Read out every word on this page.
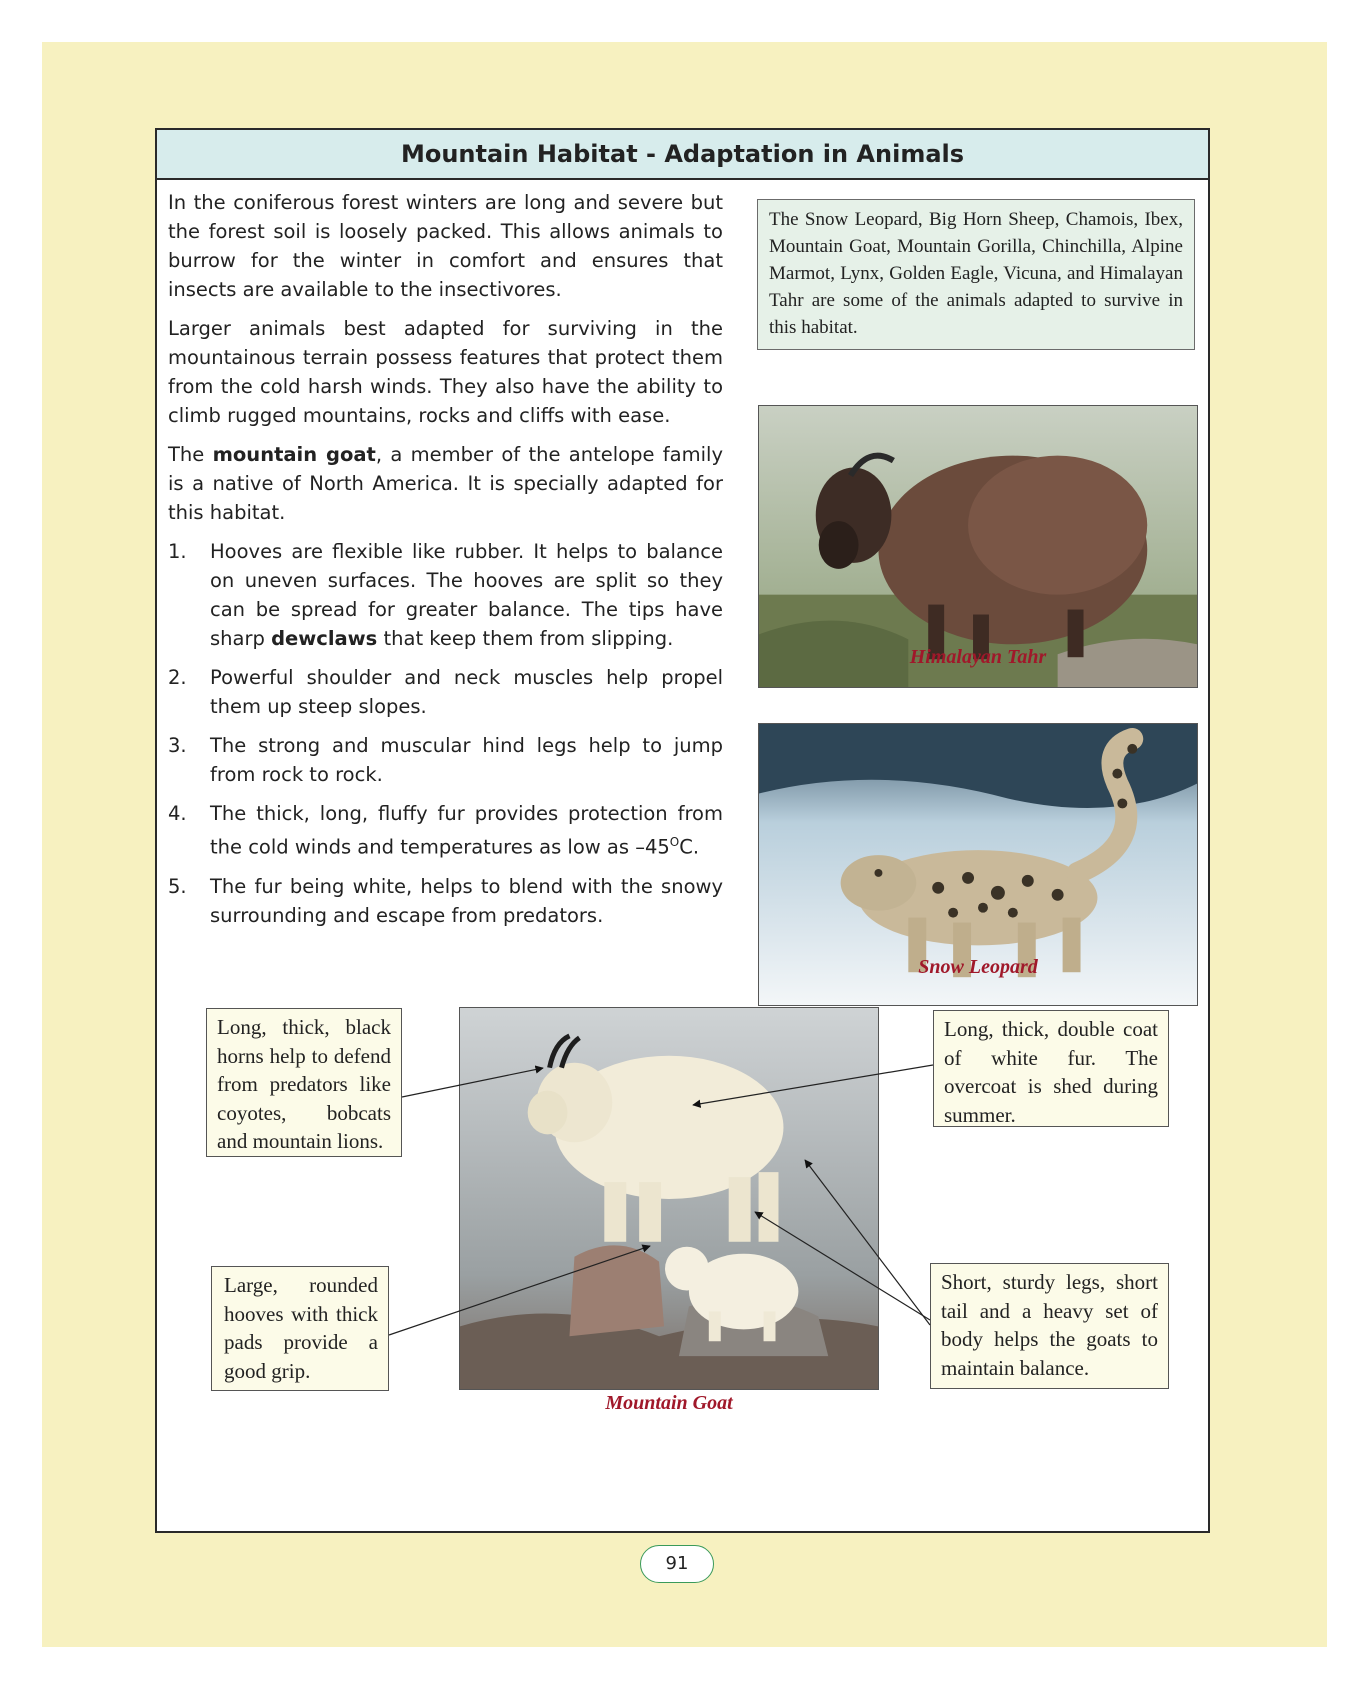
Mountain Habitat - Adaptation in Animals

In the coniferous forest winters are long and severe but the forest soil is loosely packed. This allows animals to burrow for the winter in comfort and ensures that insects are available to the insectivores.

Larger animals best adapted for surviving in the mountainous terrain possess features that protect them from the cold harsh winds. They also have the ability to climb rugged mountains, rocks and cliffs with ease.

The mountain goat, a member of the antelope family is a native of North America. It is specially adapted for this habitat.

1. Hooves are flexible like rubber. It helps to balance on uneven surfaces. The hooves are split so they can be spread for greater balance. The tips have sharp dewclaws that keep them from slipping.
2. Powerful shoulder and neck muscles help propel them up steep slopes.
3. The strong and muscular hind legs help to jump from rock to rock.
4. The thick, long, fluffy fur provides protection from the cold winds and temperatures as low as $-45^OC$.
5. The fur being white, helps to blend with the snowy surrounding and escape from predators.
The Snow Leopard, Big Horn Sheep, Chamois, Ibex, Mountain Goat, Mountain Gorilla, Chinchilla, Alpine Marmot, Lynx, Golden Eagle, Vicuna, and Himalayan Tahr are some of the animals adapted to survive in this habitat.
Himalayan Tahr
Snow Leopard
Mountain Goat
Long, thick, black horns help to defend from predators like coyotes, bobcats and mountain lions.
Long, thick, double coat of white fur. The overcoat is shed during summer.
Large, rounded hooves with thick pads provide a good grip.
Short, sturdy legs, short tail and a heavy set of body helps the goats to maintain balance.
91
